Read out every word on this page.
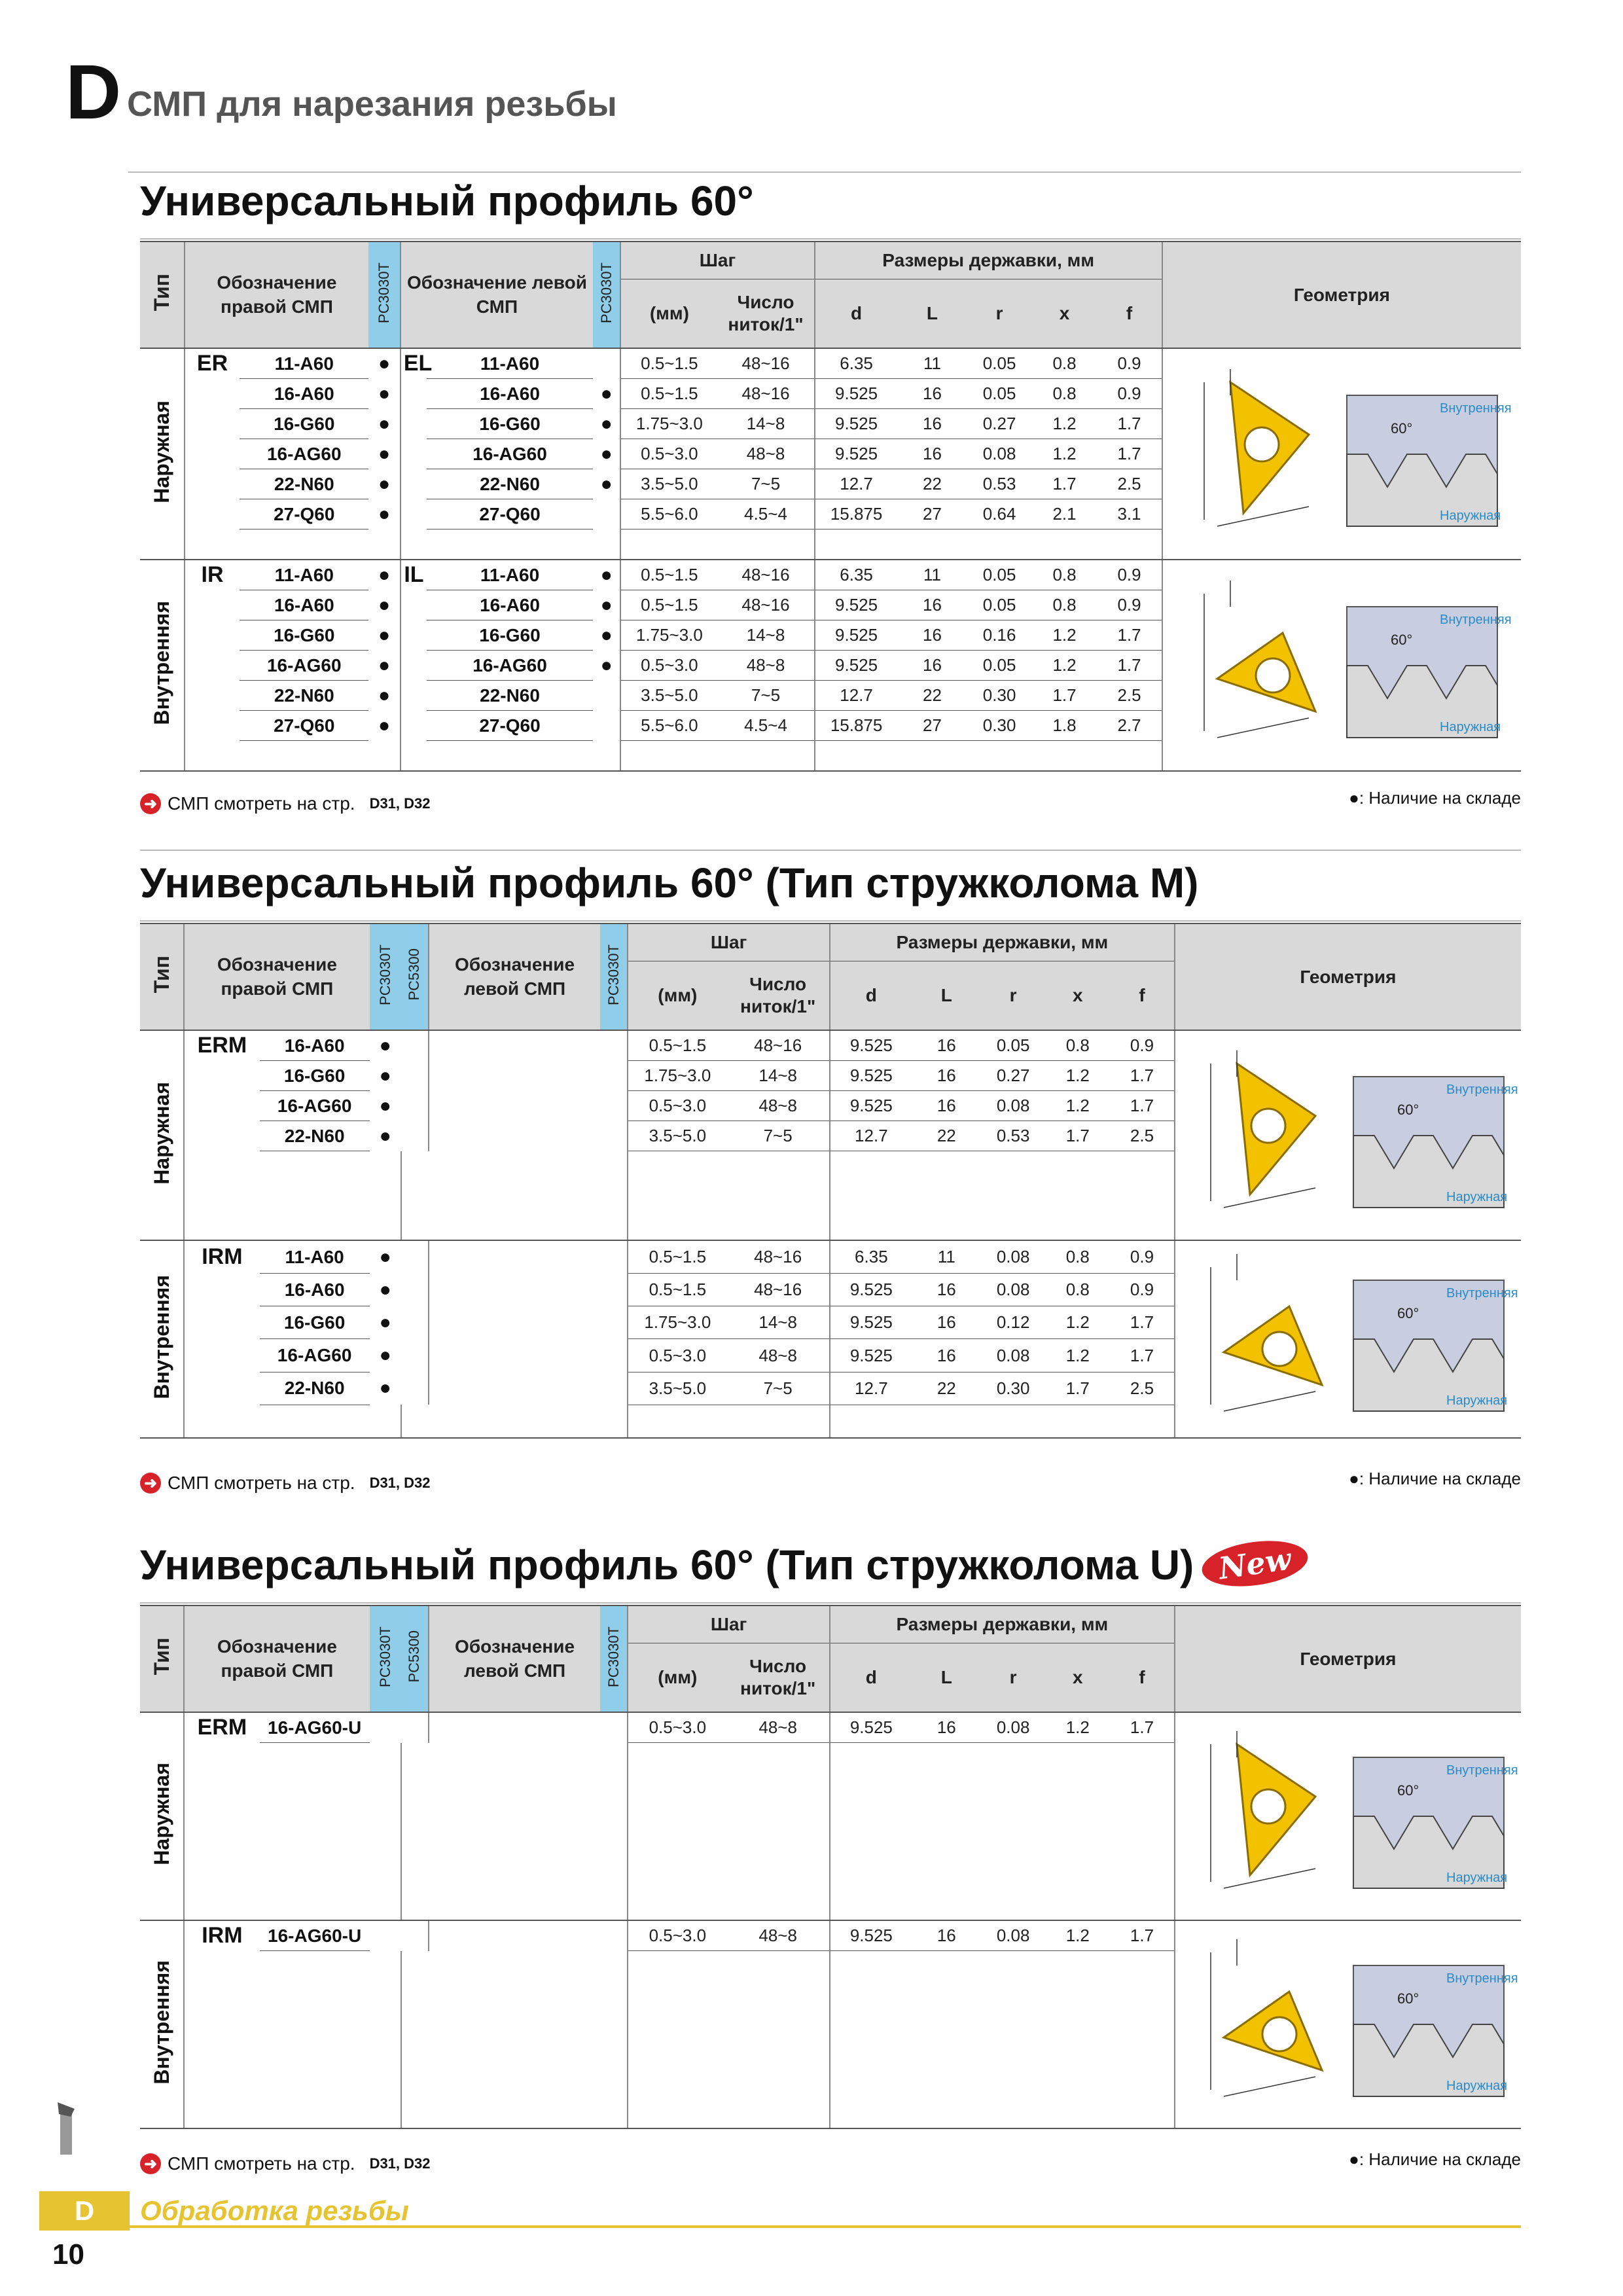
D СМП для нарезания резьбы
Универсальный профиль 60°
Тип	Обозначение правой СМП		PC3030T	Обозначение левой СМП		PC3030T	Шаг		Размеры державки, мм					Геометрия
							(мм)	Число ниток/1"	d	L	r	x	f	
Наружная	ER	11-A60	●	EL	11-A60		0.5~1.5	48~16	6.35	11	0.05	0.8	0.9	60°
Внутренняя
Наружная

		16-A60	●		16-A60	●	0.5~1.5	48~16	9.525	16	0.05	0.8	0.9	
		16-G60	●		16-G60	●	1.75~3.0	14~8	9.525	16	0.27	1.2	1.7	
		16-AG60	●		16-AG60	●	0.5~3.0	48~8	9.525	16	0.08	1.2	1.7	
		22-N60	●		22-N60	●	3.5~5.0	7~5	12.7	22	0.53	1.7	2.5	
		27-Q60	●		27-Q60		5.5~6.0	4.5~4	15.875	27	0.64	2.1	3.1	

Внутренняя	IR	11-A60	●	IL	11-A60	●	0.5~1.5	48~16	6.35	11	0.05	0.8	0.9	60°
Внутренняя
Наружная

		16-A60	●		16-A60	●	0.5~1.5	48~16	9.525	16	0.05	0.8	0.9	
		16-G60	●		16-G60	●	1.75~3.0	14~8	9.525	16	0.16	1.2	1.7	
		16-AG60	●		16-AG60	●	0.5~3.0	48~8	9.525	16	0.05	1.2	1.7	
		22-N60	●		22-N60		3.5~5.0	7~5	12.7	22	0.30	1.7	2.5	
		27-Q60	●		27-Q60		5.5~6.0	4.5~4	15.875	27	0.30	1.8	2.7	

Универсальный профиль 60° (Тип стружколома M)
Тип	Обозначение правой СМП		PC3030T	PC5300	Обозначение левой СМП	PC3030T	Шаг		Размеры державки, мм					Геометрия
							(мм)	Число ниток/1"	d	L	r	x	f	
Наружная	ERM	16-A60	●				0.5~1.5	48~16	9.525	16	0.05	0.8	0.9	60°
Внутренняя
Наружная

		16-G60	●				1.75~3.0	14~8	9.525	16	0.27	1.2	1.7	
		16-AG60	●				0.5~3.0	48~8	9.525	16	0.08	1.2	1.7	
		22-N60	●				3.5~5.0	7~5	12.7	22	0.53	1.7	2.5	

Внутренняя	IRM	11-A60	●				0.5~1.5	48~16	6.35	11	0.08	0.8	0.9	60°
Внутренняя
Наружная

		16-A60	●				0.5~1.5	48~16	9.525	16	0.08	0.8	0.9	
		16-G60	●				1.75~3.0	14~8	9.525	16	0.12	1.2	1.7	
		16-AG60	●				0.5~3.0	48~8	9.525	16	0.08	1.2	1.7	
		22-N60	●				3.5~5.0	7~5	12.7	22	0.30	1.7	2.5	

Универсальный профиль 60° (Тип стружколома U) New
Тип	Обозначение правой СМП		PC3030T	PC5300	Обозначение левой СМП	PC3030T	Шаг		Размеры державки, мм					Геометрия
							(мм)	Число ниток/1"	d	L	r	x	f	
Наружная	ERM	16-AG60-U					0.5~3.0	48~8	9.525	16	0.08	1.2	1.7	60°
Внутренняя
Наружная

Внутренняя	IRM	16-AG60-U					0.5~3.0	48~8	9.525	16	0.08	1.2	1.7	60°
Внутренняя
Наружная

➜ СМП смотреть на стр. D31, D32	●: Наличие на складе
➜ СМП смотреть на стр. D31, D32	●: Наличие на складе
➜ СМП смотреть на стр. D31, D32	●: Наличие на складе
D	Обработка резьбы
10
